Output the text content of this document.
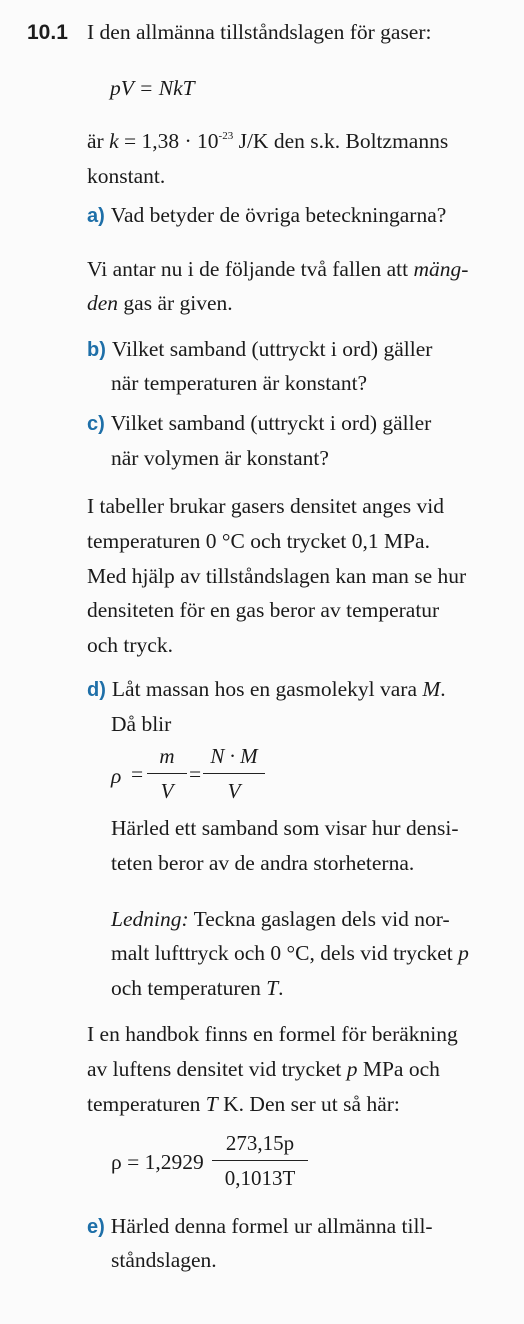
10.1 I den allmänna tillståndslagen för gaser:
pV = NkT
är $k = 1,38 \cdot 10^{-23}$ J/K den s.k. Boltzmanns
konstant.
a) Vad betyder de övriga beteckningarna?
Vi antar nu i de följande två fallen att mäng-
den gas är given.
b) Vilket samband (uttryckt i ord) gäller
när temperaturen är konstant?
c) Vilket samband (uttryckt i ord) gäller
när volymen är konstant?
I tabeller brukar gasers densitet anges vid
temperaturen 0 °C och trycket 0,1 MPa.
Med hjälp av tillståndslagen kan man se hur
densiteten för en gas beror av temperatur
och tryck.
d) Låt massan hos en gasmolekyl vara M.
Då blir
ρ =
m
V
=
N · M
V
Härled ett samband som visar hur densi-
teten beror av de andra storheterna.
Ledning: Teckna gaslagen dels vid nor-
malt lufttryck och 0 °C, dels vid trycket p
och temperaturen T.
I en handbok finns en formel för beräkning
av luftens densitet vid trycket p MPa och
temperaturen T K. Den ser ut så här:
ρ = 1,2929
273,15p
0,1013T
e) Härled denna formel ur allmänna till-
ståndslagen.
